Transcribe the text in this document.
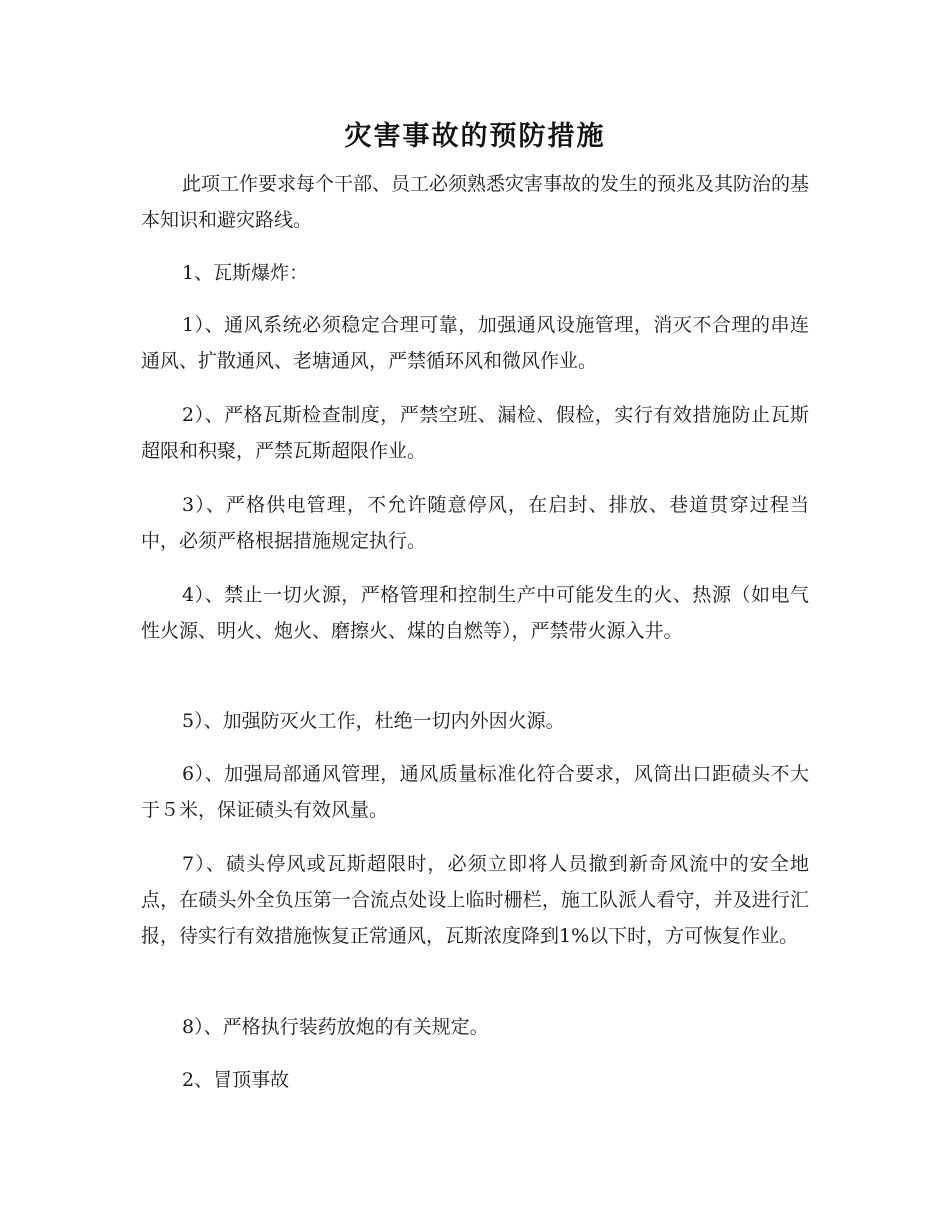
灾害事故的预防措施

此项工作要求每个干部、员工必须熟悉灾害事故的发生的预兆及其防治的基本知识和避灾路线。

1、瓦斯爆炸：

1）、通风系统必须稳定合理可靠，加强通风设施管理，消灭不合理的串连通风、扩散通风、老塘通风，严禁循环风和微风作业。

2）、严格瓦斯检查制度，严禁空班、漏检、假检，实行有效措施防止瓦斯超限和积聚，严禁瓦斯超限作业。

3）、严格供电管理，不允许随意停风，在启封、排放、巷道贯穿过程当中，必须严格根据措施规定执行。

4）、禁止一切火源，严格管理和控制生产中可能发生的火、热源（如电气性火源、明火、炮火、磨擦火、煤的自燃等），严禁带火源入井。

5）、加强防灭火工作，杜绝一切内外因火源。

6）、加强局部通风管理，通风质量标准化符合要求，风筒出口距碛头不大于５米，保证碛头有效风量。

7）、碛头停风或瓦斯超限时，必须立即将人员撤到新奇风流中的安全地点，在碛头外全负压第一合流点处设上临时栅栏，施工队派人看守，并及进行汇报，待实行有效措施恢复正常通风，瓦斯浓度降到1%以下时，方可恢复作业。

8）、严格执行装药放炮的有关规定。

2、冒顶事故
